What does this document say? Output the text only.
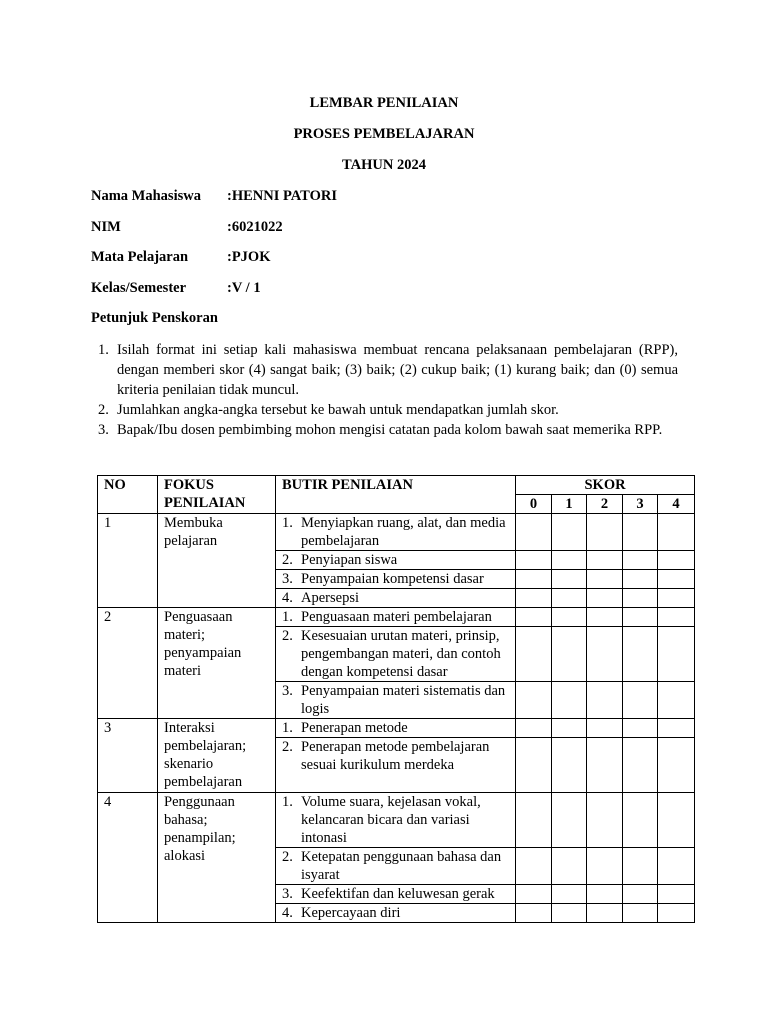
LEMBAR PENILAIAN
PROSES PEMBELAJARAN
TAHUN 2024
Nama Mahasiswa :HENNI PATORI
NIM	:6021022
Mata Pelajaran	:PJOK
Kelas/Semester	:V / 1
Petunjuk Penskoran
1. Isilah format ini setiap kali mahasiswa membuat rencana pelaksanaan pembelajaran (RPP), dengan memberi skor (4) sangat baik; (3) baik; (2) cukup baik; (1) kurang baik; dan (0) semua kriteria penilaian tidak muncul.
2. Jumlahkan angka-angka tersebut ke bawah untuk mendapatkan jumlah skor.
3. Bapak/Ibu dosen pembimbing mohon mengisi catatan pada kolom bawah saat memerika RPP.
NO	FOKUS PENILAIAN	BUTIR PENILAIAN	SKOR				
			0	1	2	3	4
1	Membuka pelajaran	1. Menyiapkan ruang, alat, dan media pembelajaran					

		2. Penyiapan siswa					

		3. Penyampaian kompetensi dasar					

		4. Apersepsi					

2	Penguasaan materi; penyampaian materi	1. Penguasaan materi pembelajaran					

		2. Kesesuaian urutan materi, prinsip, pengembangan materi, dan contoh dengan kompetensi dasar					

		3. Penyampaian materi sistematis dan logis					

3	Interaksi pembelajaran; skenario pembelajaran	1. Penerapan metode					

		2. Penerapan metode pembelajaran sesuai kurikulum merdeka					

4	Penggunaan bahasa; penampilan; alokasi	1. Volume suara, kejelasan vokal, kelancaran bicara dan variasi intonasi					

		2. Ketepatan penggunaan bahasa dan isyarat					

		3. Keefektifan dan keluwesan gerak					

		4. Kepercayaan diri					
